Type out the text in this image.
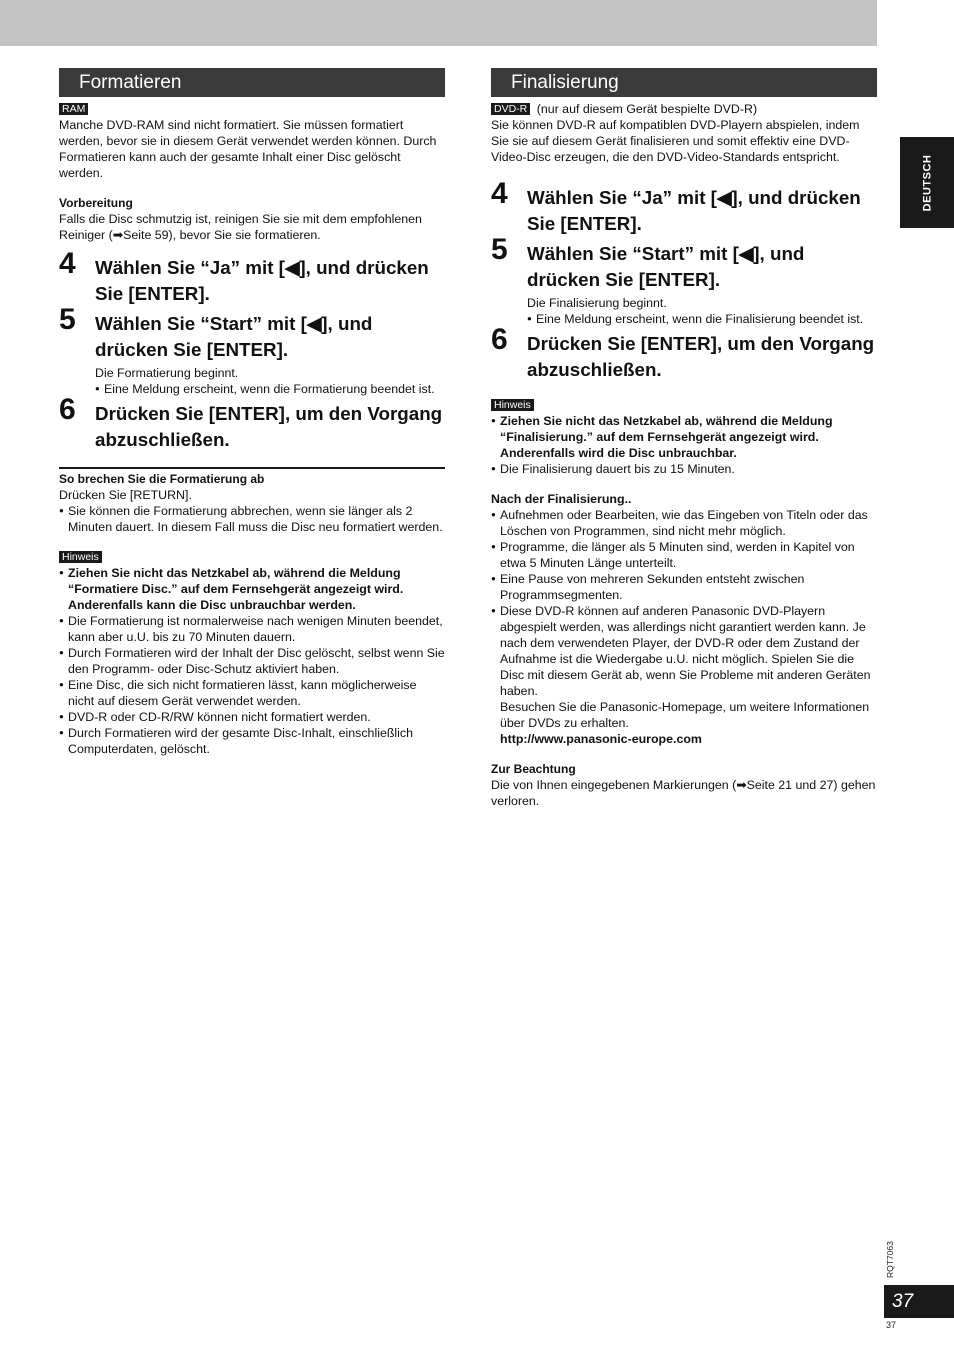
DEUTSCH
Formatieren
RAM

Manche DVD-RAM sind nicht formatiert. Sie müssen formatiert werden, bevor sie in diesem Gerät verwendet werden können. Durch Formatieren kann auch der gesamte Inhalt einer Disc gelöscht werden.

Vorbereitung

Falls die Disc schmutzig ist, reinigen Sie sie mit dem empfohlenen Reiniger (➡Seite 59), bevor Sie sie formatieren.

4	Wählen Sie “Ja” mit [◀], und drücken Sie [ENTER].
5	Wählen Sie “Start” mit [◀], und drücken Sie [ENTER].

Die Formatierung beginnt.

● Eine Meldung erscheint, wenn die Formatierung beendet ist.
6	Drücken Sie [ENTER], um den Vorgang abzuschließen.

So brechen Sie die Formatierung ab

Drücken Sie [RETURN].

● Sie können die Formatierung abbrechen, wenn sie länger als 2 Minuten dauert. In diesem Fall muss die Disc neu formatiert werden.
Hinweis
● Ziehen Sie nicht das Netzkabel ab, während die Meldung “Formatiere Disc.” auf dem Fernsehgerät angezeigt wird. Anderenfalls kann die Disc unbrauchbar werden.
● Die Formatierung ist normalerweise nach wenigen Minuten beendet, kann aber u.U. bis zu 70 Minuten dauern.
● Durch Formatieren wird der Inhalt der Disc gelöscht, selbst wenn Sie den Programm- oder Disc-Schutz aktiviert haben.
● Eine Disc, die sich nicht formatieren lässt, kann möglicherweise nicht auf diesem Gerät verwendet werden.
● DVD-R oder CD-R/RW können nicht formatiert werden.
● Durch Formatieren wird der gesamte Disc-Inhalt, einschließlich Computerdaten, gelöscht.
Finalisierung

DVD-R (nur auf diesem Gerät bespielte DVD-R)

Sie können DVD-R auf kompatiblen DVD-Playern abspielen, indem Sie sie auf diesem Gerät finalisieren und somit effektiv eine DVD-Video-Disc erzeugen, die den DVD-Video-Standards entspricht.

4	Wählen Sie “Ja” mit [◀], und drücken Sie [ENTER].
5	Wählen Sie “Start” mit [◀], und drücken Sie [ENTER].

Die Finalisierung beginnt.

● Eine Meldung erscheint, wenn die Finalisierung beendet ist.
6	Drücken Sie [ENTER], um den Vorgang abzuschließen.
Hinweis
● Ziehen Sie nicht das Netzkabel ab, während die Meldung “Finalisierung.” auf dem Fernsehgerät angezeigt wird. Anderenfalls wird die Disc unbrauchbar.
● Die Finalisierung dauert bis zu 15 Minuten.

Nach der Finalisierung..

● Aufnehmen oder Bearbeiten, wie das Eingeben von Titeln oder das Löschen von Programmen, sind nicht mehr möglich.
● Programme, die länger als 5 Minuten sind, werden in Kapitel von etwa 5 Minuten Länge unterteilt.
● Eine Pause von mehreren Sekunden entsteht zwischen Programmsegmenten.
● Diese DVD-R können auf anderen Panasonic DVD-Playern abgespielt werden, was allerdings nicht garantiert werden kann. Je nach dem verwendeten Player, der DVD-R oder dem Zustand der Aufnahme ist die Wiedergabe u.U. nicht möglich. Spielen Sie die Disc mit diesem Gerät ab, wenn Sie Probleme mit anderen Geräten haben.

Besuchen Sie die Panasonic-Homepage, um weitere Informationen über DVDs zu erhalten.

http://www.panasonic-europe.com

Zur Beachtung

Die von Ihnen eingegebenen Markierungen (➡Seite 21 und 27) gehen verloren.

RQT7063
37
37
